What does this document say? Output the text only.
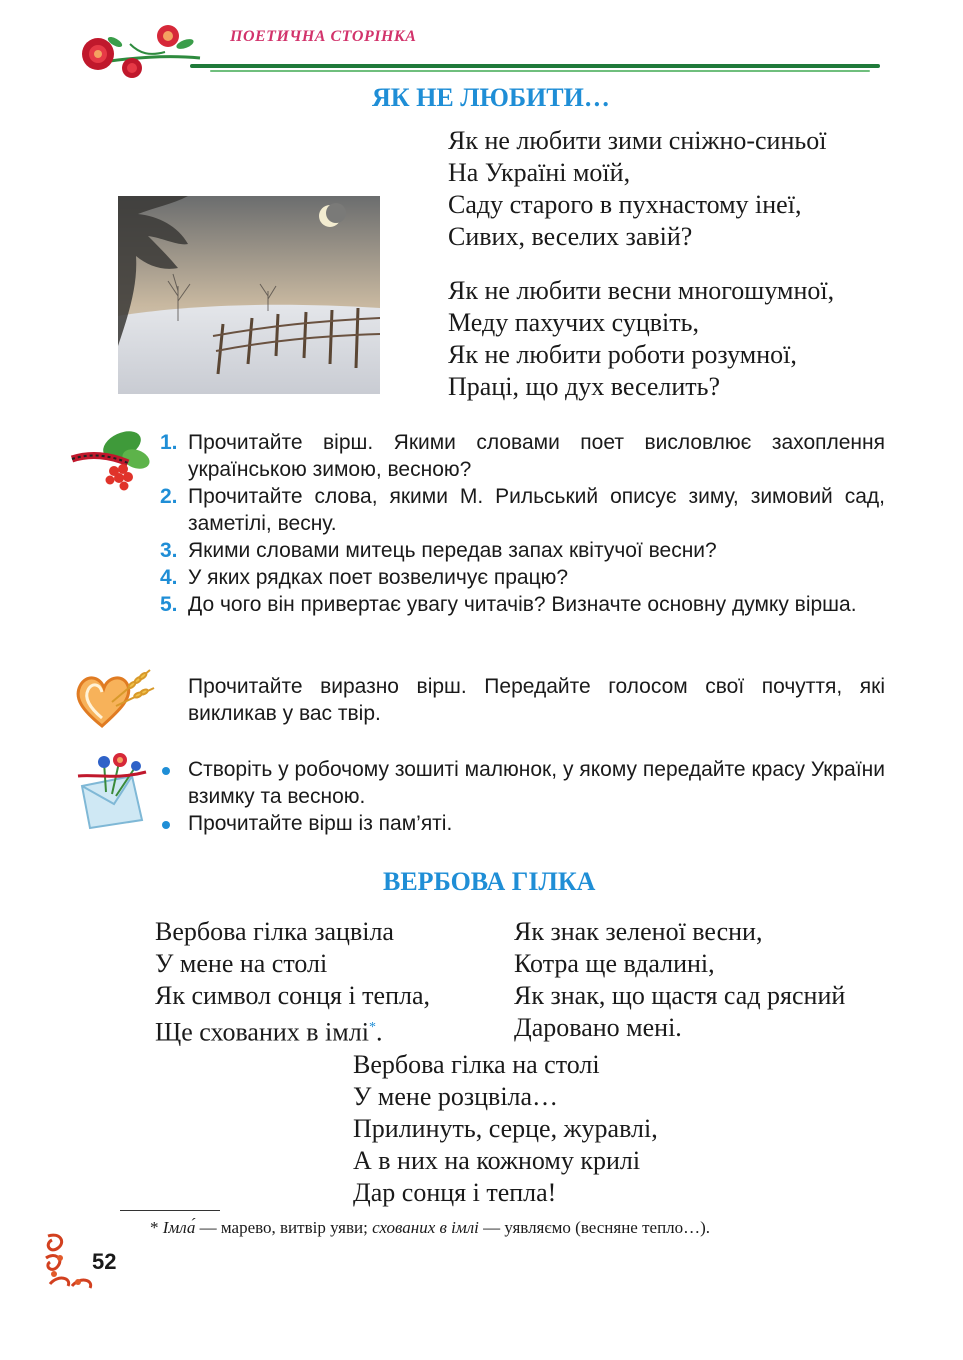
ПОЕТИЧНА СТОРІНКА
ЯК НЕ ЛЮБИТИ…
Як не любити зими сніжно-синьої
На Україні моїй,
Саду старого в пухнастому інеї,
Сивих, веселих завій?
Як не любити весни многошумної,
Меду пахучих суцвіть,
Як не любити роботи розумної,
Праці, що дух веселить?
1. Прочитайте вірш. Якими словами поет висловлює захоплення українською зимою, весною?
2. Прочитайте слова, якими М. Рильський описує зиму, зимовий сад, заметілі, весну.
3. Якими словами митець передав запах квітучої весни?
4. У яких рядках поет возвеличує працю?
5. До чого він привертає увагу читачів? Визначте основну думку вірша.
Прочитайте виразно вірш. Передайте голосом свої почуття, які викликав у вас твір.
Створіть у робочому зошиті малюнок, у якому передайте красу України взимку та весною.
Прочитайте вірш із пам’яті.
ВЕРБОВА ГІЛКА
Вербова гілка зацвіла
У мене на столі
Як символ сонця і тепла,
Ще схованих в імлі*.
Як знак зеленої весни,
Котра ще вдалині,
Як знак, що щастя сад рясний
Даровано мені.
Вербова гілка на столі
У мене розцвіла…
Прилинуть, серце, журавлі,
А в них на кожному крилі
Дар сонця і тепла!
* Імла́ — марево, витвір уяви; схованих в імлі — уявляємо (весняне тепло…).
52
